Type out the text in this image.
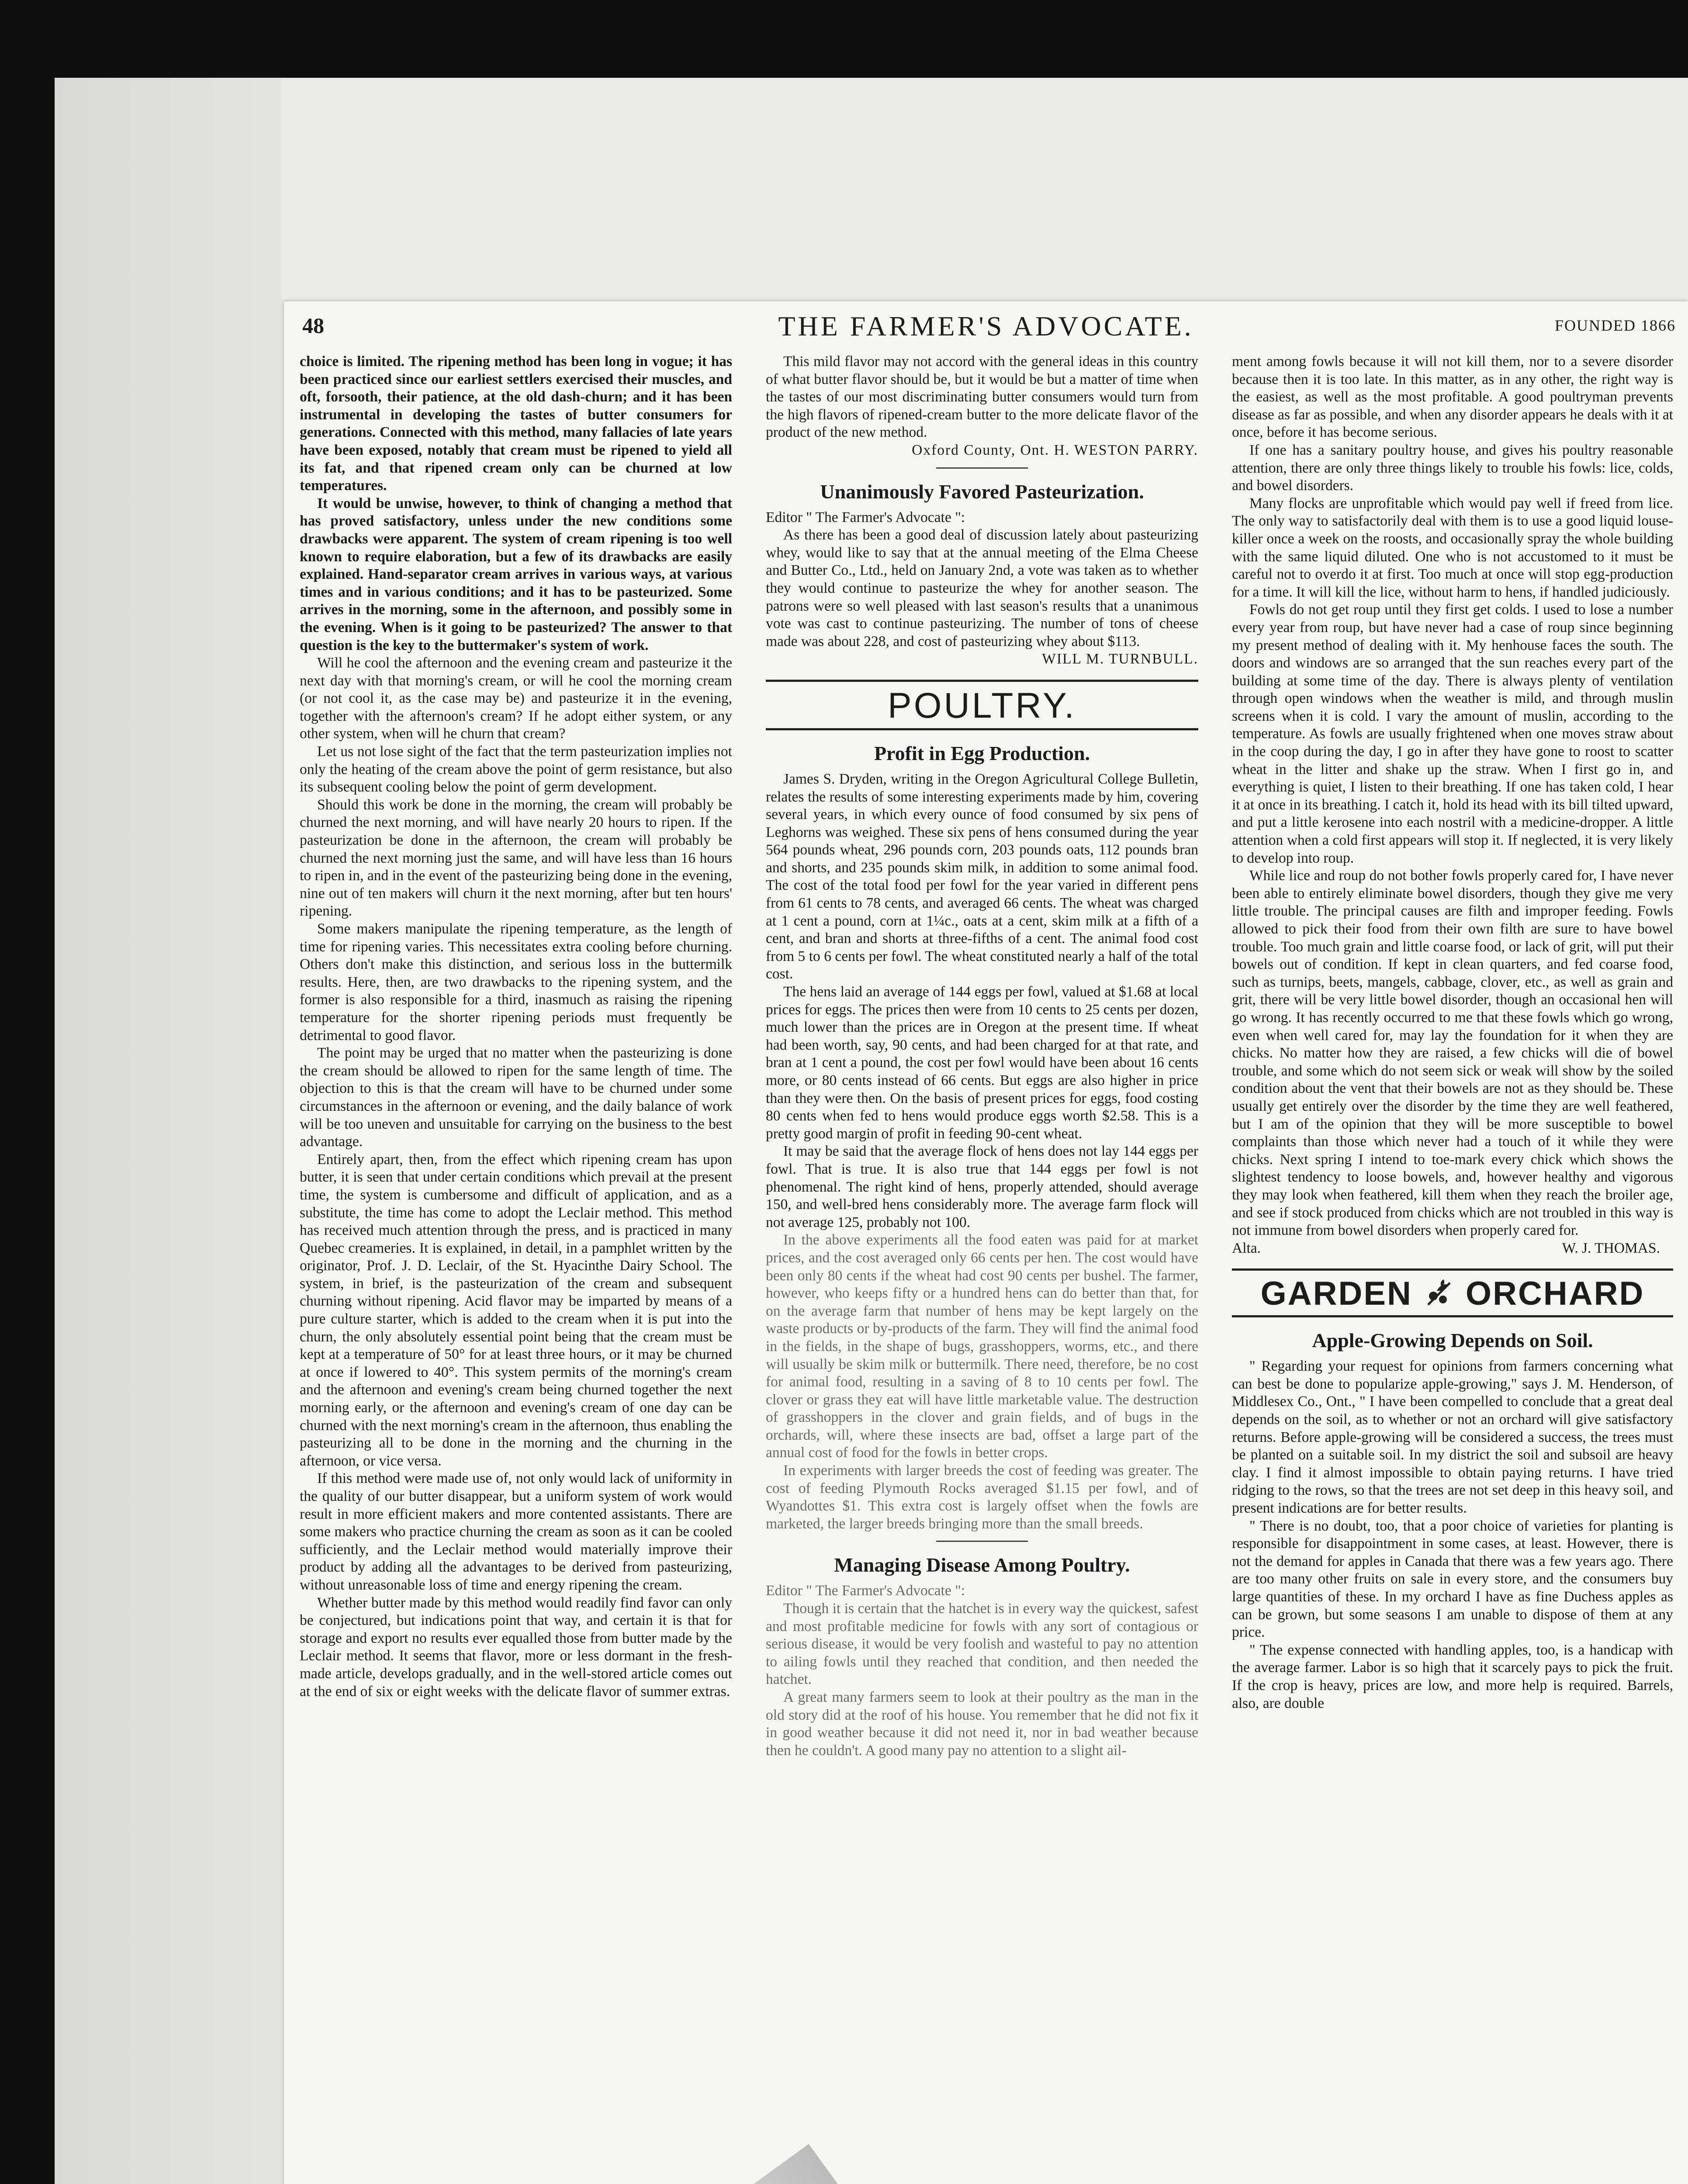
48	THE FARMER'S ADVOCATE.	FOUNDED 1866

choice is limited. The ripening method has been long in vogue; it has been practiced since our earliest settlers exercised their muscles, and oft, forsooth, their patience, at the old dash-churn; and it has been instrumental in developing the tastes of butter consumers for generations. Connected with this method, many fallacies of late years have been exposed, notably that cream must be ripened to yield all its fat, and that ripened cream only can be churned at low temperatures.

It would be unwise, however, to think of changing a method that has proved satisfactory, unless under the new conditions some drawbacks were apparent. The system of cream ripening is too well known to require elaboration, but a few of its drawbacks are easily explained. Hand-separator cream arrives in various ways, at various times and in various conditions; and it has to be pasteurized. Some arrives in the morning, some in the afternoon, and possibly some in the evening. When is it going to be pasteurized? The answer to that question is the key to the buttermaker's system of work.

Will he cool the afternoon and the evening cream and pasteurize it the next day with that morning's cream, or will he cool the morning cream (or not cool it, as the case may be) and pasteurize it in the evening, together with the afternoon's cream? If he adopt either system, or any other system, when will he churn that cream?

Let us not lose sight of the fact that the term pasteurization implies not only the heating of the cream above the point of germ resistance, but also its subsequent cooling below the point of germ development.

Should this work be done in the morning, the cream will probably be churned the next morning, and will have nearly 20 hours to ripen. If the pasteurization be done in the afternoon, the cream will probably be churned the next morning just the same, and will have less than 16 hours to ripen in, and in the event of the pasteurizing being done in the evening, nine out of ten makers will churn it the next morning, after but ten hours' ripening.

Some makers manipulate the ripening temperature, as the length of time for ripening varies. This necessitates extra cooling before churning. Others don't make this distinction, and serious loss in the buttermilk results. Here, then, are two drawbacks to the ripening system, and the former is also responsible for a third, inasmuch as raising the ripening temperature for the shorter ripening periods must frequently be detrimental to good flavor.

The point may be urged that no matter when the pasteurizing is done the cream should be allowed to ripen for the same length of time. The objection to this is that the cream will have to be churned under some circumstances in the afternoon or evening, and the daily balance of work will be too uneven and unsuitable for carrying on the business to the best advantage.

Entirely apart, then, from the effect which ripening cream has upon butter, it is seen that under certain conditions which prevail at the present time, the system is cumbersome and difficult of application, and as a substitute, the time has come to adopt the Leclair method. This method has received much attention through the press, and is practiced in many Quebec creameries. It is explained, in detail, in a pamphlet written by the originator, Prof. J. D. Leclair, of the St. Hyacinthe Dairy School. The system, in brief, is the pasteurization of the cream and subsequent churning without ripening. Acid flavor may be imparted by means of a pure culture starter, which is added to the cream when it is put into the churn, the only absolutely essential point being that the cream must be kept at a temperature of 50° for at least three hours, or it may be churned at once if lowered to 40°. This system permits of the morning's cream and the afternoon and evening's cream being churned together the next morning early, or the afternoon and evening's cream of one day can be churned with the next morning's cream in the afternoon, thus enabling the pasteurizing all to be done in the morning and the churning in the afternoon, or vice versa.

If this method were made use of, not only would lack of uniformity in the quality of our butter disappear, but a uniform system of work would result in more efficient makers and more contented assistants. There are some makers who practice churning the cream as soon as it can be cooled sufficiently, and the Leclair method would materially improve their product by adding all the advantages to be derived from pasteurizing, without unreasonable loss of time and energy ripening the cream.

Whether butter made by this method would readily find favor can only be conjectured, but indications point that way, and certain it is that for storage and export no results ever equalled those from butter made by the Leclair method. It seems that flavor, more or less dormant in the fresh-made article, develops gradually, and in the well-stored article comes out at the end of six or eight weeks with the delicate flavor of summer extras.

This mild flavor may not accord with the general ideas in this country of what butter flavor should be, but it would be but a matter of time when the tastes of our most discriminating butter consumers would turn from the high flavors of ripened-cream butter to the more delicate flavor of the product of the new method.

Oxford County, Ont. H. WESTON PARRY.

Unanimously Favored Pasteurization.

Editor " The Farmer's Advocate ":

As there has been a good deal of discussion lately about pasteurizing whey, would like to say that at the annual meeting of the Elma Cheese and Butter Co., Ltd., held on January 2nd, a vote was taken as to whether they would continue to pasteurize the whey for another season. The patrons were so well pleased with last season's results that a unanimous vote was cast to continue pasteurizing. The number of tons of cheese made was about 228, and cost of pasteurizing whey about $113.

WILL M. TURNBULL.

POULTRY.
Profit in Egg Production.

James S. Dryden, writing in the Oregon Agricultural College Bulletin, relates the results of some interesting experiments made by him, covering several years, in which every ounce of food consumed by six pens of Leghorns was weighed. These six pens of hens consumed during the year 564 pounds wheat, 296 pounds corn, 203 pounds oats, 112 pounds bran and shorts, and 235 pounds skim milk, in addition to some animal food. The cost of the total food per fowl for the year varied in different pens from 61 cents to 78 cents, and averaged 66 cents. The wheat was charged at 1 cent a pound, corn at 1¼c., oats at a cent, skim milk at a fifth of a cent, and bran and shorts at three-fifths of a cent. The animal food cost from 5 to 6 cents per fowl. The wheat constituted nearly a half of the total cost.

The hens laid an average of 144 eggs per fowl, valued at $1.68 at local prices for eggs. The prices then were from 10 cents to 25 cents per dozen, much lower than the prices are in Oregon at the present time. If wheat had been worth, say, 90 cents, and had been charged for at that rate, and bran at 1 cent a pound, the cost per fowl would have been about 16 cents more, or 80 cents instead of 66 cents. But eggs are also higher in price than they were then. On the basis of present prices for eggs, food costing 80 cents when fed to hens would produce eggs worth $2.58. This is a pretty good margin of profit in feeding 90-cent wheat.

It may be said that the average flock of hens does not lay 144 eggs per fowl. That is true. It is also true that 144 eggs per fowl is not phenomenal. The right kind of hens, properly attended, should average 150, and well-bred hens considerably more. The average farm flock will not average 125, probably not 100.

In the above experiments all the food eaten was paid for at market prices, and the cost averaged only 66 cents per hen. The cost would have been only 80 cents if the wheat had cost 90 cents per bushel. The farmer, however, who keeps fifty or a hundred hens can do better than that, for on the average farm that number of hens may be kept largely on the waste products or by-products of the farm. They will find the animal food in the fields, in the shape of bugs, grasshoppers, worms, etc., and there will usually be skim milk or buttermilk. There need, therefore, be no cost for animal food, resulting in a saving of 8 to 10 cents per fowl. The clover or grass they eat will have little marketable value. The destruction of grasshoppers in the clover and grain fields, and of bugs in the orchards, will, where these insects are bad, offset a large part of the annual cost of food for the fowls in better crops.

In experiments with larger breeds the cost of feeding was greater. The cost of feeding Plymouth Rocks averaged $1.15 per fowl, and of Wyandottes $1. This extra cost is largely offset when the fowls are marketed, the larger breeds bringing more than the small breeds.

Managing Disease Among Poultry.

Editor " The Farmer's Advocate ":

Though it is certain that the hatchet is in every way the quickest, safest and most profitable medicine for fowls with any sort of contagious or serious disease, it would be very foolish and wasteful to pay no attention to ailing fowls until they reached that condition, and then needed the hatchet.

A great many farmers seem to look at their poultry as the man in the old story did at the roof of his house. You remember that he did not fix it in good weather because it did not need it, nor in bad weather because then he couldn't. A good many pay no attention to a slight ail-

ment among fowls because it will not kill them, nor to a severe disorder because then it is too late. In this matter, as in any other, the right way is the easiest, as well as the most profitable. A good poultryman prevents disease as far as possible, and when any disorder appears he deals with it at once, before it has become serious.

If one has a sanitary poultry house, and gives his poultry reasonable attention, there are only three things likely to trouble his fowls: lice, colds, and bowel disorders.

Many flocks are unprofitable which would pay well if freed from lice. The only way to satisfactorily deal with them is to use a good liquid louse-killer once a week on the roosts, and occasionally spray the whole building with the same liquid diluted. One who is not accustomed to it must be careful not to overdo it at first. Too much at once will stop egg-production for a time. It will kill the lice, without harm to hens, if handled judiciously.

Fowls do not get roup until they first get colds. I used to lose a number every year from roup, but have never had a case of roup since beginning my present method of dealing with it. My henhouse faces the south. The doors and windows are so arranged that the sun reaches every part of the building at some time of the day. There is always plenty of ventilation through open windows when the weather is mild, and through muslin screens when it is cold. I vary the amount of muslin, according to the temperature. As fowls are usually frightened when one moves straw about in the coop during the day, I go in after they have gone to roost to scatter wheat in the litter and shake up the straw. When I first go in, and everything is quiet, I listen to their breathing. If one has taken cold, I hear it at once in its breathing. I catch it, hold its head with its bill tilted upward, and put a little kerosene into each nostril with a medicine-dropper. A little attention when a cold first appears will stop it. If neglected, it is very likely to develop into roup.

While lice and roup do not bother fowls properly cared for, I have never been able to entirely eliminate bowel disorders, though they give me very little trouble. The principal causes are filth and improper feeding. Fowls allowed to pick their food from their own filth are sure to have bowel trouble. Too much grain and little coarse food, or lack of grit, will put their bowels out of condition. If kept in clean quarters, and fed coarse food, such as turnips, beets, mangels, cabbage, clover, etc., as well as grain and grit, there will be very little bowel disorder, though an occasional hen will go wrong. It has recently occurred to me that these fowls which go wrong, even when well cared for, may lay the foundation for it when they are chicks. No matter how they are raised, a few chicks will die of bowel trouble, and some which do not seem sick or weak will show by the soiled condition about the vent that their bowels are not as they should be. These usually get entirely over the disorder by the time they are well feathered, but I am of the opinion that they will be more susceptible to bowel complaints than those which never had a touch of it while they were chicks. Next spring I intend to toe-mark every chick which shows the slightest tendency to loose bowels, and, however healthy and vigorous they may look when feathered, kill them when they reach the broiler age, and see if stock produced from chicks which are not troubled in this way is not immune from bowel disorders when properly cared for.

Alta.	W. J. THOMAS.

GARDEN ORCHARD
Apple-Growing Depends on Soil.

" Regarding your request for opinions from farmers concerning what can best be done to popularize apple-growing," says J. M. Henderson, of Middlesex Co., Ont., " I have been compelled to conclude that a great deal depends on the soil, as to whether or not an orchard will give satisfactory returns. Before apple-growing will be considered a success, the trees must be planted on a suitable soil. In my district the soil and subsoil are heavy clay. I find it almost impossible to obtain paying returns. I have tried ridging to the rows, so that the trees are not set deep in this heavy soil, and present indications are for better results.

" There is no doubt, too, that a poor choice of varieties for planting is responsible for disappointment in some cases, at least. However, there is not the demand for apples in Canada that there was a few years ago. There are too many other fruits on sale in every store, and the consumers buy large quantities of these. In my orchard I have as fine Duchess apples as can be grown, but some seasons I am unable to dispose of them at any price.

" The expense connected with handling apples, too, is a handicap with the average farmer. Labor is so high that it scarcely pays to pick the fruit. If the crop is heavy, prices are low, and more help is required. Barrels, also, are double
